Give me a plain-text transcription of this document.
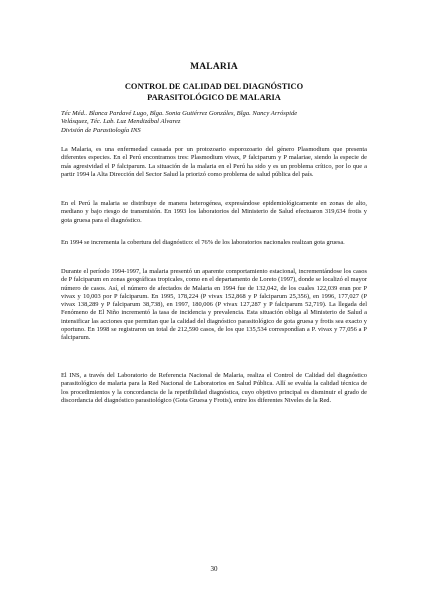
MALARIA
CONTROL DE CALIDAD DEL DIAGNÓSTICO
PARASITOLÓGICO DE MALARIA
Téc Méd.. Blanca Pardavé Lugo, Blga. Sonia Gutiérrez Gonzáles, Blga. Nancy Arróspide
Velásquez, Téc. Lab. Luz Mendizábal Alvarez
División de Parasitología INS
La Malaria, es una enfermedad causada por un protozoario esporozoario del género Plasmodium que presenta diferentes especies. En el Perú encontramos tres: Plasmodium vivax, P falciparum y P malariae, siendo la especie de más agresividad el P falciparum. La situación de la malaria en el Perú ha sido y es un problema crítico, por lo que a partir 1994 la Alta Dirección del Sector Salud la priorizó como problema de salud pública del país.
En el Perú la malaria se distribuye de manera heterogénea, expresándose epidemiológicamente en zonas de alto, mediano y bajo riesgo de transmisión. En 1993 los laboratorios del Ministerio de Salud efectuaron 319,634 frotis y gota gruesa para el diagnóstico.
En 1994 se incrementa la cobertura del diagnóstico: el 76% de los laboratorios nacionales realizan gota gruesa.
Durante el período 1994-1997, la malaria presentó un aparente comportamiento estacional, incrementándose los casos de P falciparum en zonas geográficas tropicales, como en el departamento de Loreto (1997), donde se localizó el mayor número de casos. Así, el número de afectados de Malaria en 1994 fue de 132,042, de los cuales 122,039 eran por P vivax y 10,003 por P falciparum. En 1995, 178,224 (P vivax 152,868 y P falciparum 25,356), en 1996, 177,027 (P vivax 138,289 y P falciparum 38,738), en 1997, 180,006 (P vivax 127,287 y P falciparum 52,719). La llegada del Fenómeno de El Niño incrementó la tasa de incidencia y prevalencia. Esta situación obliga al Ministerio de Salud a intensificar las acciones que permitan que la calidad del diagnóstico parasitológico de gota gruesa y frotis sea exacto y oportuno. En 1998 se registraron un total de 212,590 casos, de los que 135,534 correspondían a P. vivax y 77,056 a P falciparum.
El INS, a través del Laboratorio de Referencia Nacional de Malaria, realiza el Control de Calidad del diagnóstico parasitológico de malaria para la Red Nacional de Laboratorios en Salud Pública. Allí se evalúa la calidad técnica de los procedimientos y la concordancia de la repetibilidad diagnóstica, cuyo objetivo principal es disminuir el grado de discordancia del diagnóstico parasitológico (Gota Gruesa y Frotis), entre los diferentes Niveles de la Red.
30
